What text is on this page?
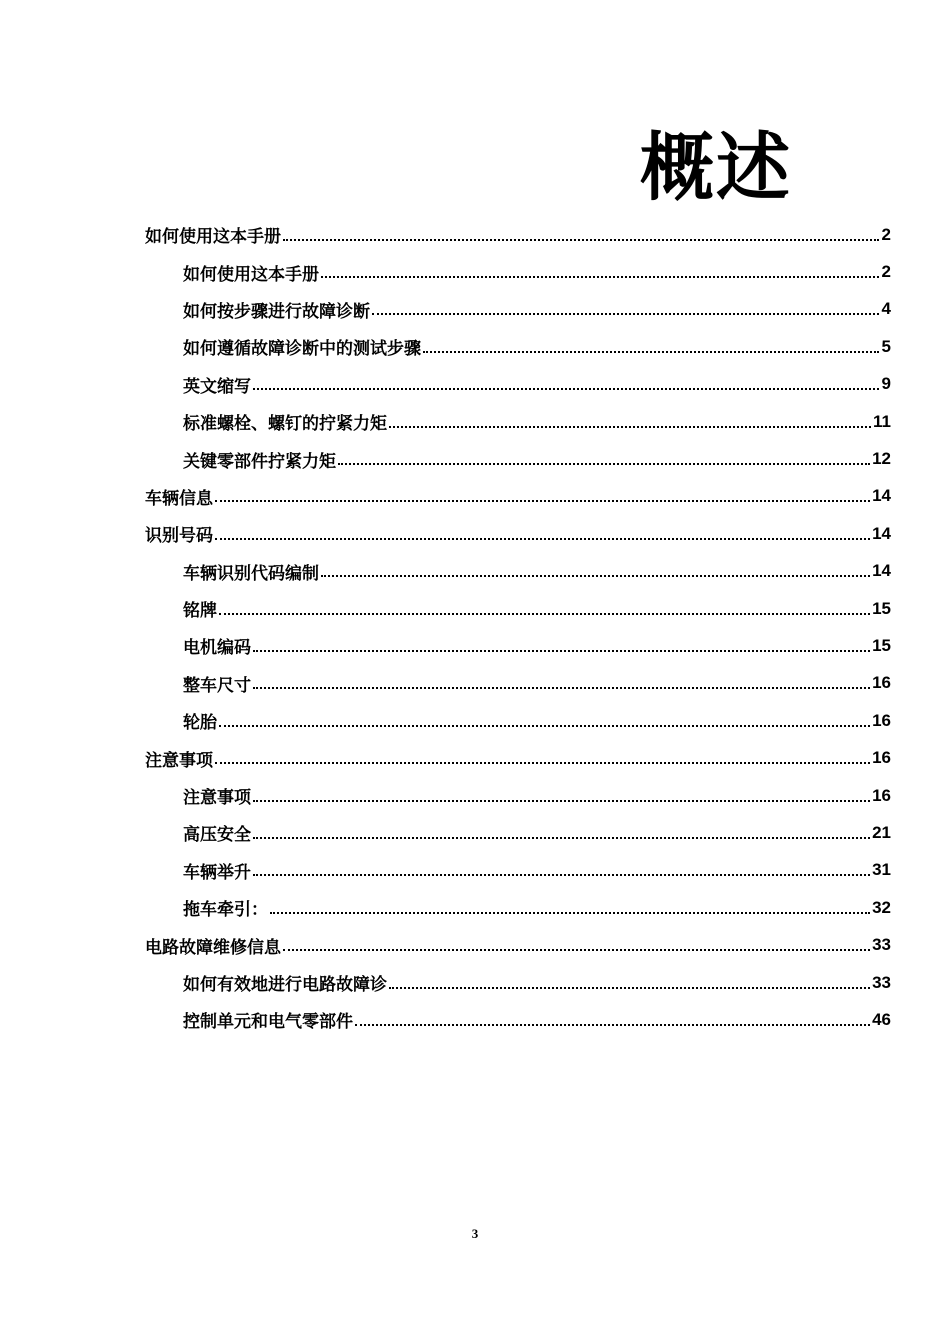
概述
如何使用这本手册	2
如何使用这本手册	2
如何按步骤进行故障诊断	4
如何遵循故障诊断中的测试步骤	5
英文缩写	9
标准螺栓、螺钉的拧紧力矩	11
关键零部件拧紧力矩	12
车辆信息	14
识别号码	14
车辆识别代码编制	14
铭牌	15
电机编码	15
整车尺寸	16
轮胎	16
注意事项	16
注意事项	16
高压安全	21
车辆举升	31
拖车牵引：	32
电路故障维修信息	33
如何有效地进行电路故障诊	33
控制单元和电气零部件	46
3
